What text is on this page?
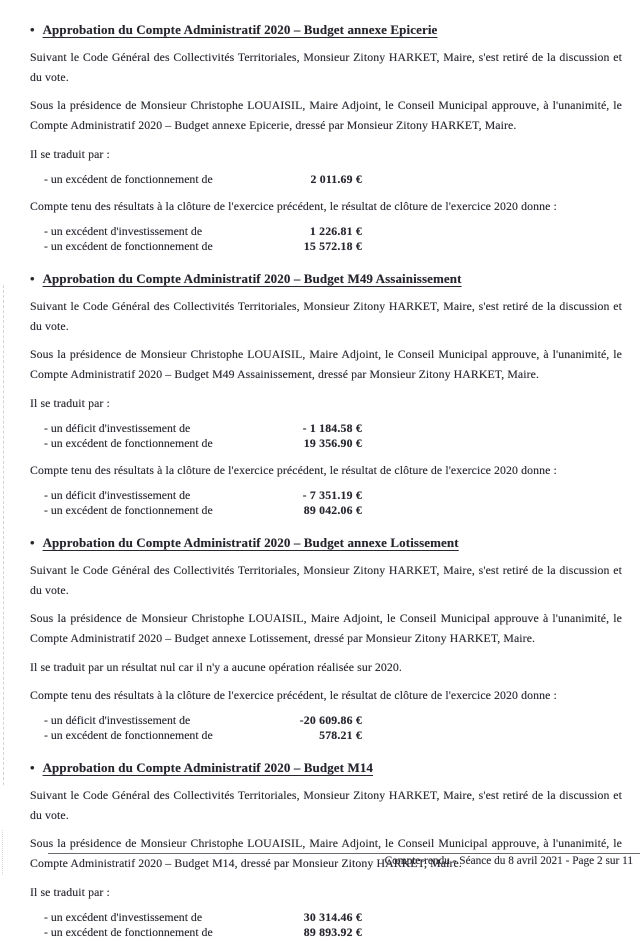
• Approbation du Compte Administratif 2020 – Budget annexe Epicerie

Suivant le Code Général des Collectivités Territoriales, Monsieur Zitony HARKET, Maire, s'est retiré de la discussion et du vote.

Sous la présidence de Monsieur Christophe LOUAISIL, Maire Adjoint, le Conseil Municipal approuve, à l'unanimité, le Compte Administratif 2020 – Budget annexe Epicerie, dressé par Monsieur Zitony HARKET, Maire.

Il se traduit par :

- un excédent de fonctionnement de	2 011.69 €

Compte tenu des résultats à la clôture de l'exercice précédent, le résultat de clôture de l'exercice 2020 donne :

- un excédent d'investissement de	1 226.81 €
- un excédent de fonctionnement de	15 572.18 €
• Approbation du Compte Administratif 2020 – Budget M49 Assainissement

Suivant le Code Général des Collectivités Territoriales, Monsieur Zitony HARKET, Maire, s'est retiré de la discussion et du vote.

Sous la présidence de Monsieur Christophe LOUAISIL, Maire Adjoint, le Conseil Municipal approuve, à l'unanimité, le Compte Administratif 2020 – Budget M49 Assainissement, dressé par Monsieur Zitony HARKET, Maire.

Il se traduit par :

- un déficit d'investissement de	- 1 184.58 €
- un excédent de fonctionnement de	19 356.90 €

Compte tenu des résultats à la clôture de l'exercice précédent, le résultat de clôture de l'exercice 2020 donne :

- un déficit d'investissement de	- 7 351.19 €
- un excédent de fonctionnement de	89 042.06 €
• Approbation du Compte Administratif 2020 – Budget annexe Lotissement

Suivant le Code Général des Collectivités Territoriales, Monsieur Zitony HARKET, Maire, s'est retiré de la discussion et du vote.

Sous la présidence de Monsieur Christophe LOUAISIL, Maire Adjoint, le Conseil Municipal approuve à l'unanimité, le Compte Administratif 2020 – Budget annexe Lotissement, dressé par Monsieur Zitony HARKET, Maire.

Il se traduit par un résultat nul car il n'y a aucune opération réalisée sur 2020.

Compte tenu des résultats à la clôture de l'exercice précédent, le résultat de clôture de l'exercice 2020 donne :

- un déficit d'investissement de	-20 609.86 €
- un excédent de fonctionnement de	578.21 €
• Approbation du Compte Administratif 2020 – Budget M14

Suivant le Code Général des Collectivités Territoriales, Monsieur Zitony HARKET, Maire, s'est retiré de la discussion et du vote.

Sous la présidence de Monsieur Christophe LOUAISIL, Maire Adjoint, le Conseil Municipal approuve, à l'unanimité, le Compte Administratif 2020 – Budget M14, dressé par Monsieur Zitony HARKET, Maire.

Il se traduit par :

- un excédent d'investissement de	30 314.46 €
- un excédent de fonctionnement de	89 893.92 €
Compte-rendu - Séance du 8 avril 2021 - Page 2 sur 11
